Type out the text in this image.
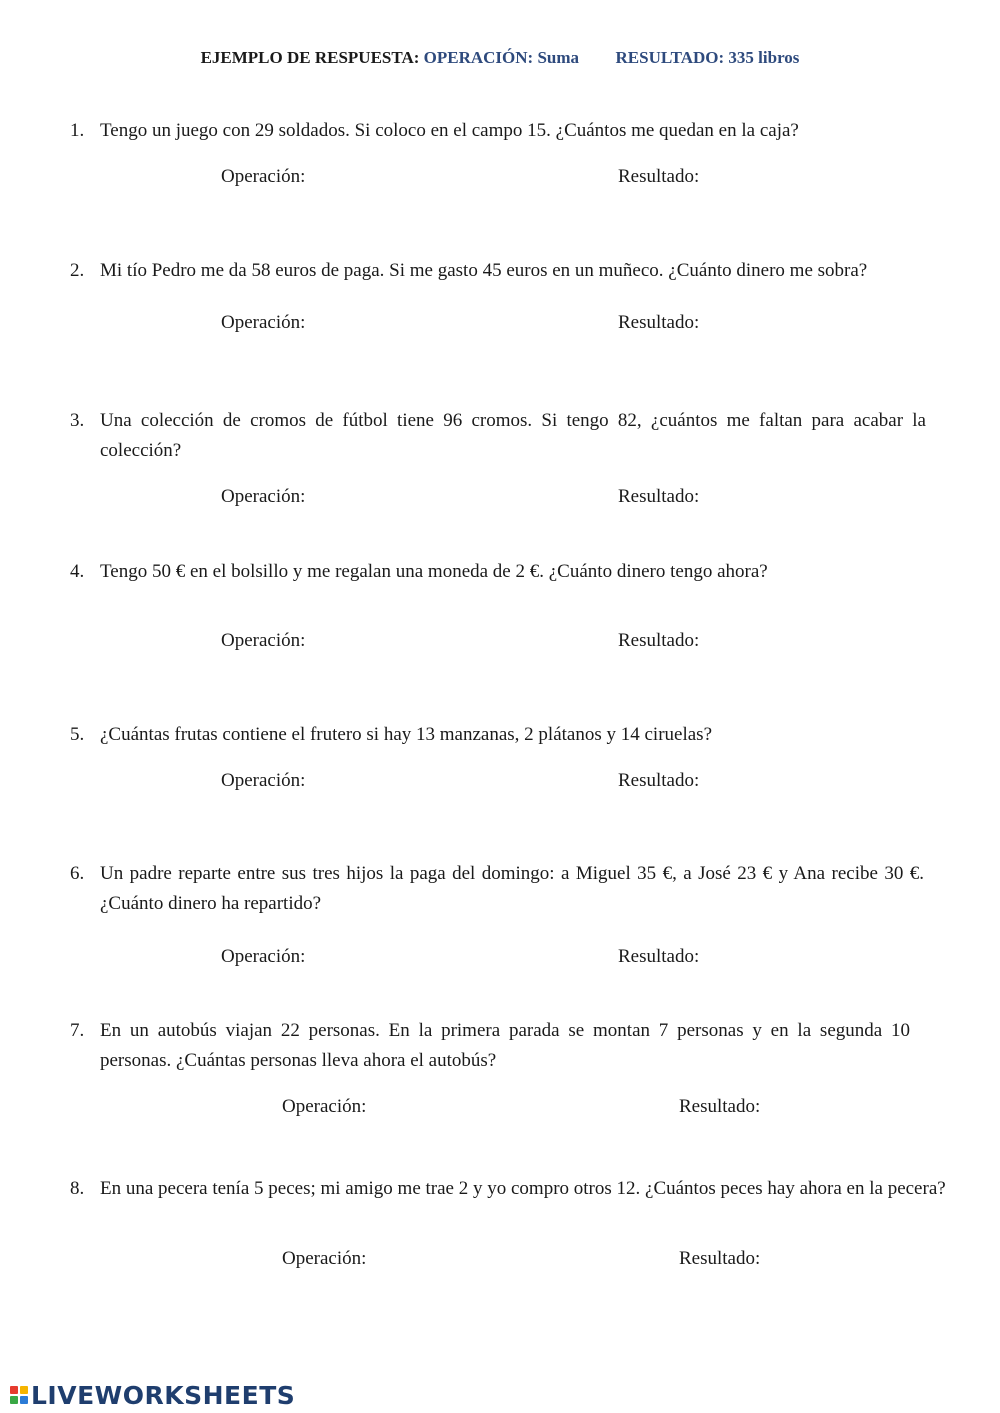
EJEMPLO DE RESPUESTA: OPERACIÓN: Suma RESULTADO: 335 libros
1. Tengo un juego con 29 soldados. Si coloco en el campo 15. ¿Cuántos me quedan en la caja?
Operación:	Resultado:
2. Mi tío Pedro me da 58 euros de paga. Si me gasto 45 euros en un muñeco. ¿Cuánto dinero me sobra?
Operación:	Resultado:
3. Una colección de cromos de fútbol tiene 96 cromos. Si tengo 82, ¿cuántos me faltan para acabar la colección?
Operación:	Resultado:
4. Tengo 50 € en el bolsillo y me regalan una moneda de 2 €. ¿Cuánto dinero tengo ahora?
Operación:	Resultado:
5. ¿Cuántas frutas contiene el frutero si hay 13 manzanas, 2 plátanos y 14 ciruelas?
Operación:	Resultado:
6. Un padre reparte entre sus tres hijos la paga del domingo: a Miguel 35 €, a José 23 € y Ana recibe 30 €. ¿Cuánto dinero ha repartido?
Operación:	Resultado:
7. En un autobús viajan 22 personas. En la primera parada se montan 7 personas y en la segunda 10 personas. ¿Cuántas personas lleva ahora el autobús?
Operación:	Resultado:
8. En una pecera tenía 5 peces; mi amigo me trae 2 y yo compro otros 12. ¿Cuántos peces hay ahora en la pecera?
Operación:	Resultado:
LIVEWORKSHEETS
